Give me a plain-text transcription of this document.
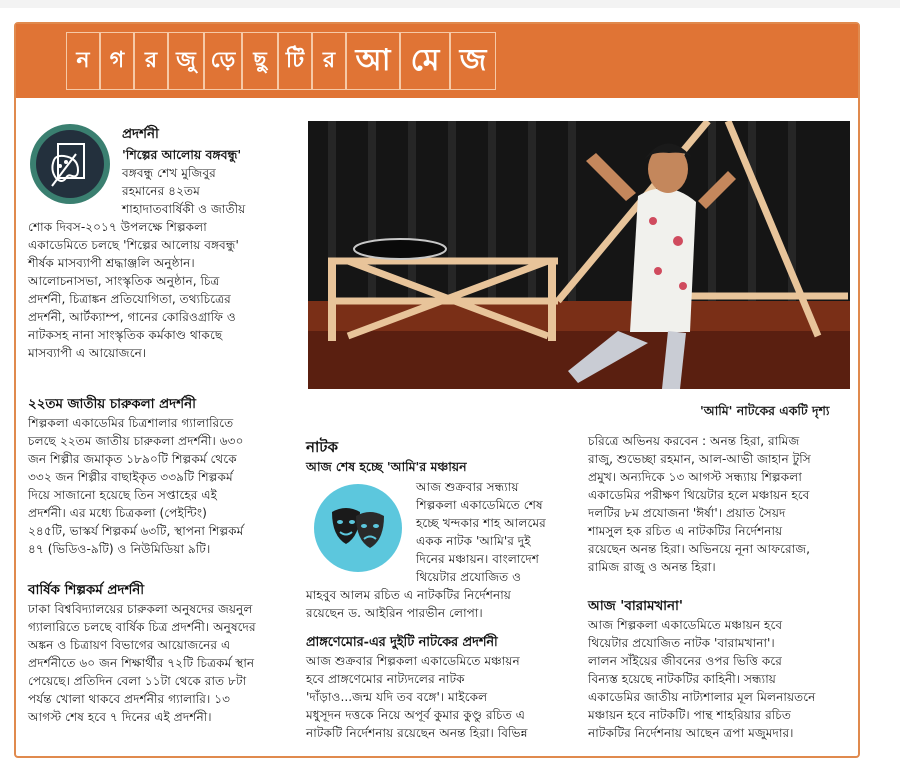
ন গ র জু ড়ে ছু টি র আ মে জ
প্রদর্শনী
'শিল্পের আলোয় বঙ্গবন্ধু'
বঙ্গবন্ধু শেখ মুজিবুর
রহমানের ৪২তম
শাহাদাতবার্ষিকী ও জাতীয়
শোক দিবস-২০১৭ উপলক্ষে শিল্পকলা
একাডেমিতে চলছে 'শিল্পের আলোয় বঙ্গবন্ধু'
শীর্ষক মাসব্যাপী শ্রদ্ধাঞ্জলি অনুষ্ঠান।
আলোচনাসভা, সাংস্কৃতিক অনুষ্ঠান, চিত্র
প্রদর্শনী, চিত্রাঙ্কন প্রতিযোগিতা, তথ্যচিত্রের
প্রদর্শনী, আর্টক্যাম্প, গানের কোরিওগ্রাফি ও
নাটকসহ নানা সাংস্কৃতিক কর্মকাণ্ড থাকছে
মাসব্যাপী এ আয়োজনে।
২২তম জাতীয় চারুকলা প্রদর্শনী
শিল্পকলা একাডেমির চিত্রশালার গ্যালারিতে
চলছে ২২তম জাতীয় চারুকলা প্রদর্শনী। ৬৩০
জন শিল্পীর জমাকৃত ১৮৯০টি শিল্পকর্ম থেকে
৩৩২ জন শিল্পীর বাছাইকৃত ৩৩৯টি শিল্পকর্ম
দিয়ে সাজানো হয়েছে তিন সপ্তাহের এই
প্রদর্শনী। এর মধ্যে চিত্রকলা (পেইন্টিং)
২৪৫টি, ভাস্কর্য শিল্পকর্ম ৬৩টি, স্থাপনা শিল্পকর্ম
৪৭ (ভিডিও-৯টি) ও নিউমিডিয়া ৯টি।
বার্ষিক শিল্পকর্ম প্রদর্শনী
ঢাকা বিশ্ববিদ্যালয়ের চারুকলা অনুষদের জয়নুল
গ্যালারিতে চলছে বার্ষিক চিত্র প্রদর্শনী। অনুষদের
অঙ্কন ও চিত্রায়ণ বিভাগের আয়োজনের এ
প্রদর্শনীতে ৬০ জন শিক্ষার্থীর ৭২টি চিত্রকর্ম স্থান
পেয়েছে। প্রতিদিন বেলা ১১টা থেকে রাত ৮টা
পর্যন্ত খোলা থাকবে প্রদর্শনীর গ্যালারি। ১৩
আগস্ট শেষ হবে ৭ দিনের এই প্রদর্শনী।
'আমি' নাটকের একটি দৃশ্য
নাটক
আজ শেষ হচ্ছে 'আমি'র মঞ্চায়ন
আজ শুক্রবার সন্ধ্যায়
শিল্পকলা একাডেমিতে শেষ
হচ্ছে খন্দকার শাহ আলমের
একক নাটক 'আমি'র দুই
দিনের মঞ্চায়ন। বাংলাদেশ
থিয়েটার প্রযোজিত ও
মাহবুব আলম রচিত এ নাটকটির নির্দেশনায়
রয়েছেন ড. আইরিন পারভীন লোপা।
প্রাঙ্গণেমোর-এর দুইটি নাটকের প্রদর্শনী
আজ শুক্রবার শিল্পকলা একাডেমিতে মঞ্চায়ন
হবে প্রাঙ্গণেমোর নাট্যদলের নাটক
'দাঁড়াও...জন্ম যদি তব বঙ্গে'। মাইকেল
মধুসূদন দত্তকে নিয়ে অপূর্ব কুমার কুণ্ডু রচিত এ
নাটকটি নির্দেশনায় রয়েছেন অনন্ত হিরা। বিভিন্ন
চরিত্রে অভিনয় করবেন : অনন্ত হিরা, রামিজ
রাজু, শুভেচ্ছা রহমান, আল-আভী জাহান টুসি
প্রমুখ। অন্যদিকে ১৩ আগস্ট সন্ধ্যায় শিল্পকলা
একাডেমির পরীক্ষণ থিয়েটার হলে মঞ্চায়ন হবে
দলটির ৮ম প্রযোজনা 'ঈর্ষা'। প্রয়াত সৈয়দ
শামসুল হক রচিত এ নাটকটির নির্দেশনায়
রয়েছেন অনন্ত হিরা। অভিনয়ে নূনা আফরোজ,
রামিজ রাজু ও অনন্ত হিরা।
আজ 'বারামখানা'
আজ শিল্পকলা একাডেমিতে মঞ্চায়ন হবে
থিয়েটার প্রযোজিত নাটক 'বারামখানা'।
লালন সাঁইয়ের জীবনের ওপর ভিত্তি করে
বিন্যস্ত হয়েছে নাটকটির কাহিনী। সন্ধ্যায়
একাডেমির জাতীয় নাট্যশালার মূল মিলনায়তনে
মঞ্চায়ন হবে নাটকটি। পান্থ শাহরিয়ার রচিত
নাটকটির নির্দেশনায় আছেন ত্রপা মজুমদার।
